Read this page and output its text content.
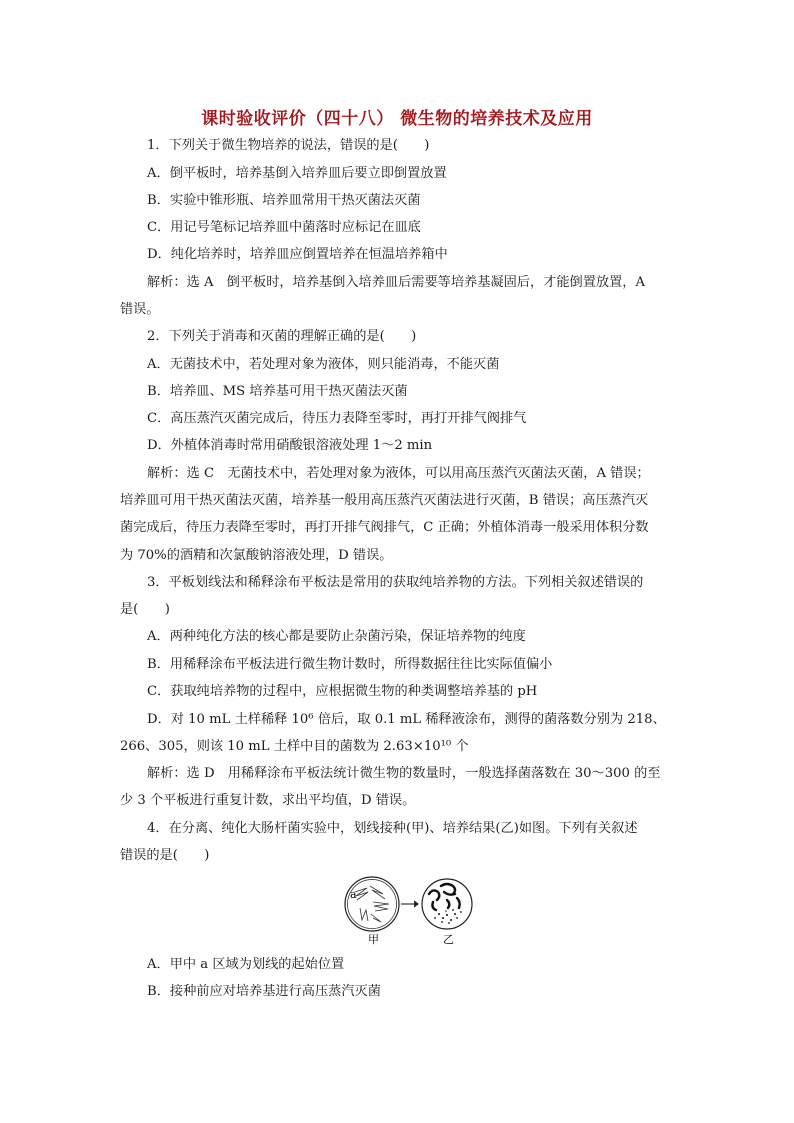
课时验收评价（四十八） 微生物的培养技术及应用
1．下列关于微生物培养的说法，错误的是(　　)
A．倒平板时，培养基倒入培养皿后要立即倒置放置
B．实验中锥形瓶、培养皿常用干热灭菌法灭菌
C．用记号笔标记培养皿中菌落时应标记在皿底
D．纯化培养时，培养皿应倒置培养在恒温培养箱中
解析：选 A　倒平板时，培养基倒入培养皿后需要等培养基凝固后，才能倒置放置，A
错误。
2．下列关于消毒和灭菌的理解正确的是(　　)
A．无菌技术中，若处理对象为液体，则只能消毒，不能灭菌
B．培养皿、MS 培养基可用干热灭菌法灭菌
C．高压蒸汽灭菌完成后，待压力表降至零时，再打开排气阀排气
D．外植体消毒时常用硝酸银溶液处理 1～2 min
解析：选 C　无菌技术中，若处理对象为液体，可以用高压蒸汽灭菌法灭菌，A 错误；
培养皿可用干热灭菌法灭菌，培养基一般用高压蒸汽灭菌法进行灭菌，B 错误；高压蒸汽灭
菌完成后，待压力表降至零时，再打开排气阀排气，C 正确；外植体消毒一般采用体积分数
为 70%的酒精和次氯酸钠溶液处理，D 错误。
3．平板划线法和稀释涂布平板法是常用的获取纯培养物的方法。下列相关叙述错误的
是(　　)
A．两种纯化方法的核心都是要防止杂菌污染，保证培养物的纯度
B．用稀释涂布平板法进行微生物计数时，所得数据往往比实际值偏小
C．获取纯培养物的过程中，应根据微生物的种类调整培养基的 pH
D．对 10 mL 土样稀释 10⁶ 倍后，取 0.1 mL 稀释液涂布，测得的菌落数分别为 218、
266、305，则该 10 mL 土样中目的菌数为 2.63×10¹⁰ 个
解析：选 D　用稀释涂布平板法统计微生物的数量时，一般选择菌落数在 30～300 的至
少 3 个平板进行重复计数，求出平均值，D 错误。
4．在分离、纯化大肠杆菌实验中，划线接种(甲)、培养结果(乙)如图。下列有关叙述
错误的是(　　)
a
甲	乙
A．甲中 a 区域为划线的起始位置
B．接种前应对培养基进行高压蒸汽灭菌
